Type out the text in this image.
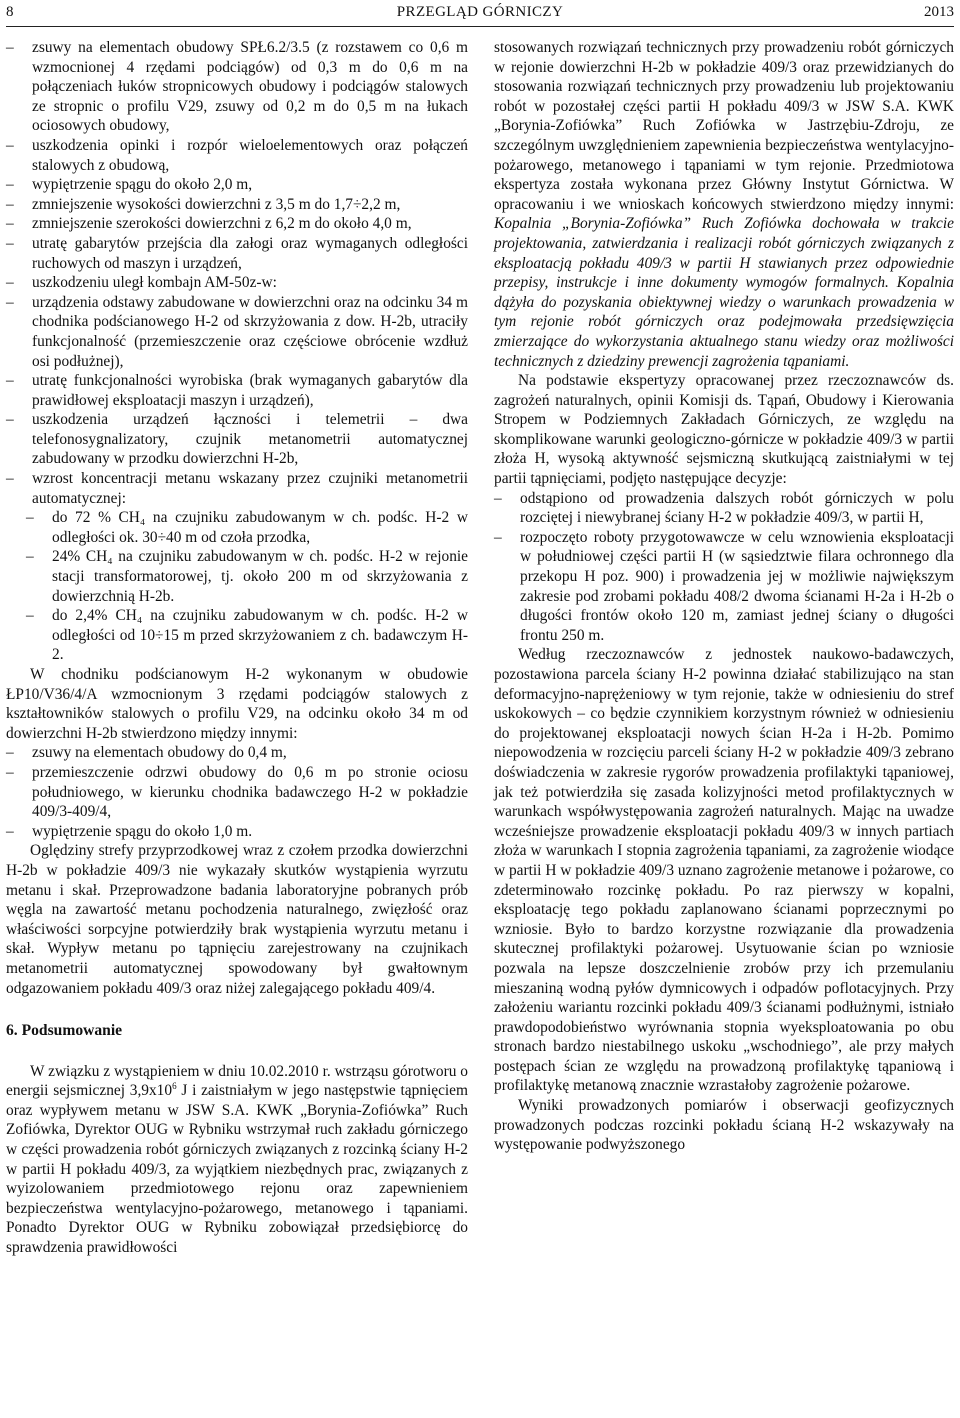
8	PRZEGLĄD GÓRNICZY	2013

– zsuwy na elementach obudowy SPŁ6.2/3.5 (z rozstawem co 0,6 m wzmocnionej 4 rzędami podciągów) od 0,3 m do 0,6 m na połączeniach łuków stropnicowych obudowy i podciągów stalowych ze stropnic o profilu V29, zsuwy od 0,2 m do 0,5 m na łukach ociosowych obudowy,

– uszkodzenia opinki i rozpór wieloelementowych oraz połączeń stalowych z obudową,

– wypiętrzenie spągu do około 2,0 m,

– zmniejszenie wysokości dowierzchni z 3,5 m do 1,7÷2,2 m,

– zmniejszenie szerokości dowierzchni z 6,2 m do około 4,0 m,

– utratę gabarytów przejścia dla załogi oraz wymaganych odległości ruchowych od maszyn i urządzeń,

– uszkodzeniu uległ kombajn AM-50z-w:

– urządzenia odstawy zabudowane w dowierzchni oraz na odcinku 34 m chodnika podścianowego H-2 od skrzyżowania z dow. H-2b, utraciły funkcjonalność (przemieszczenie oraz częściowe obrócenie wzdłuż osi podłużnej),

– utratę funkcjonalności wyrobiska (brak wymaganych gabarytów dla prawidłowej eksploatacji maszyn i urządzeń),

– uszkodzenia urządzeń łączności i telemetrii – dwa telefonosygnalizatory, czujnik metanometrii automatycznej zabudowany w przodku dowierzchni H-2b,

– wzrost koncentracji metanu wskazany przez czujniki metanometrii automatycznej:

– do 72 % CH₄ na czujniku zabudowanym w ch. podśc. H-2 w odległości ok. 30÷40 m od czoła przodka,

– 24% CH₄ na czujniku zabudowanym w ch. podśc. H-2 w rejonie stacji transformatorowej, tj. około 200 m od skrzyżowania z dowierzchnią H-2b.

– do 2,4% CH₄ na czujniku zabudowanym w ch. podśc. H-2 w odległości od 10÷15 m przed skrzyżowaniem z ch. badawczym H-2.

W chodniku podścianowym H-2 wykonanym w obudowie ŁP10/V36/4/A wzmocnionym 3 rzędami podciągów stalowych z kształtowników stalowych o profilu V29, na odcinku około 34 m od dowierzchni H-2b stwierdzono między innymi:

– zsuwy na elementach obudowy do 0,4 m,

– przemieszczenie odrzwi obudowy do 0,6 m po stronie ociosu południowego, w kierunku chodnika badawczego H-2 w pokładzie 409/3-409/4,

– wypiętrzenie spągu do około 1,0 m.

Oględziny strefy przyprzodkowej wraz z czołem przodka dowierzchni H-2b w pokładzie 409/3 nie wykazały skutków wystąpienia wyrzutu metanu i skał. Przeprowadzone badania laboratoryjne pobranych prób węgla na zawartość metanu pochodzenia naturalnego, zwięzłość oraz właściwości sorpcyjne potwierdziły brak wystąpienia wyrzutu metanu i skał. Wypływ metanu po tąpnięciu zarejestrowany na czujnikach metanometrii automatycznej spowodowany był gwałtownym odgazowaniem pokładu 409/3 oraz niżej zalegającego pokładu 409/4.

6. Podsumowanie

W związku z wystąpieniem w dniu 10.02.2010 r. wstrząsu górotworu o energii sejsmicznej $3,9x10^6$ J i zaistniałym w jego następstwie tąpnięciem oraz wypływem metanu w JSW S.A. KWK „Borynia-Zofiówka” Ruch Zofiówka, Dyrektor OUG w Rybniku wstrzymał ruch zakładu górniczego w części prowadzenia robót górniczych związanych z rozcinką ściany H-2 w partii H pokładu 409/3, za wyjątkiem niezbędnych prac, związanych z wyizolowaniem przedmiotowego rejonu oraz zapewnieniem bezpieczeństwa wentylacyjno-pożarowego, metanowego i tąpaniami. Ponadto Dyrektor OUG w Rybniku zobowiązał przedsiębiorcę do sprawdzenia prawidłowości

stosowanych rozwiązań technicznych przy prowadzeniu robót górniczych w rejonie dowierzchni H-2b w pokładzie 409/3 oraz przewidzianych do stosowania rozwiązań technicznych przy prowadzeniu lub projektowaniu robót w pozostałej części partii H pokładu 409/3 w JSW S.A. KWK „Borynia-Zofiówka” Ruch Zofiówka w Jastrzębiu-Zdroju, ze szczególnym uwzględnieniem zapewnienia bezpieczeństwa wentylacyjno-pożarowego, metanowego i tąpaniami w tym rejonie. Przedmiotowa ekspertyza została wykonana przez Główny Instytut Górnictwa. W opracowaniu i we wnioskach końcowych stwierdzono między innymi: Kopalnia „Borynia-Zofiówka” Ruch Zofiówka dochowała w trakcie projektowania, zatwierdzania i realizacji robót górniczych związanych z eksploatacją pokładu 409/3 w partii H stawianych przez odpowiednie przepisy, instrukcje i inne dokumenty wymogów formalnych. Kopalnia dążyła do pozyskania obiektywnej wiedzy o warunkach prowadzenia w tym rejonie robót górniczych oraz podejmowała przedsięwzięcia zmierzające do wykorzystania aktualnego stanu wiedzy oraz możliwości technicznych z dziedziny prewencji zagrożenia tąpaniami.

Na podstawie ekspertyzy opracowanej przez rzeczoznawców ds. zagrożeń naturalnych, opinii Komisji ds. Tąpań, Obudowy i Kierowania Stropem w Podziemnych Zakładach Górniczych, ze względu na skomplikowane warunki geologiczno-górnicze w pokładzie 409/3 w partii złoża H, wysoką aktywność sejsmiczną skutkującą zaistniałymi w tej partii tąpnięciami, podjęto następujące decyzje:

– odstąpiono od prowadzenia dalszych robót górniczych w polu rozciętej i niewybranej ściany H-2 w pokładzie 409/3, w partii H,

– rozpoczęto roboty przygotowawcze w celu wznowienia eksploatacji w południowej części partii H (w sąsiedztwie filara ochronnego dla przekopu H poz. 900) i prowadzenia jej w możliwie największym zakresie pod zrobami pokładu 408/2 dwoma ścianami H-2a i H-2b o długości frontów około 120 m, zamiast jednej ściany o długości frontu 250 m.

Według rzeczoznawców z jednostek naukowo-badawczych, pozostawiona parcela ściany H-2 powinna działać stabilizująco na stan deformacyjno-naprężeniowy w tym rejonie, także w odniesieniu do stref uskokowych – co będzie czynnikiem korzystnym również w odniesieniu do projektowanej eksploatacji nowych ścian H-2a i H-2b. Pomimo niepowodzenia w rozcięciu parceli ściany H-2 w pokładzie 409/3 zebrano doświadczenia w zakresie rygorów prowadzenia profilaktyki tąpaniowej, jak też potwierdziła się zasada kolizyjności metod profilaktycznych w warunkach współwystępowania zagrożeń naturalnych. Mając na uwadze wcześniejsze prowadzenie eksploatacji pokładu 409/3 w innych partiach złoża w warunkach I stopnia zagrożenia tąpaniami, za zagrożenie wiodące w partii H w pokładzie 409/3 uznano zagrożenie metanowe i pożarowe, co zdeterminowało rozcinkę pokładu. Po raz pierwszy w kopalni, eksploatację tego pokładu zaplanowano ścianami poprzecznymi po wzniosie. Było to bardzo korzystne rozwiązanie dla prowadzenia skutecznej profilaktyki pożarowej. Usytuowanie ścian po wzniosie pozwala na lepsze doszczelnienie zrobów przy ich przemulaniu mieszaniną wodną pyłów dymnicowych i odpadów poflotacyjnych. Przy założeniu wariantu rozcinki pokładu 409/3 ścianami podłużnymi, istniało prawdopodobieństwo wyrównania stopnia wyeksploatowania po obu stronach bardzo niestabilnego uskoku „wschodniego”, ale przy małych postępach ścian ze względu na prowadzoną profilaktykę tąpaniową i profilaktykę metanową znacznie wzrastałoby zagrożenie pożarowe.

Wyniki prowadzonych pomiarów i obserwacji geofizycznych prowadzonych podczas rozcinki pokładu ścianą H-2 wskazywały na występowanie podwyższonego
